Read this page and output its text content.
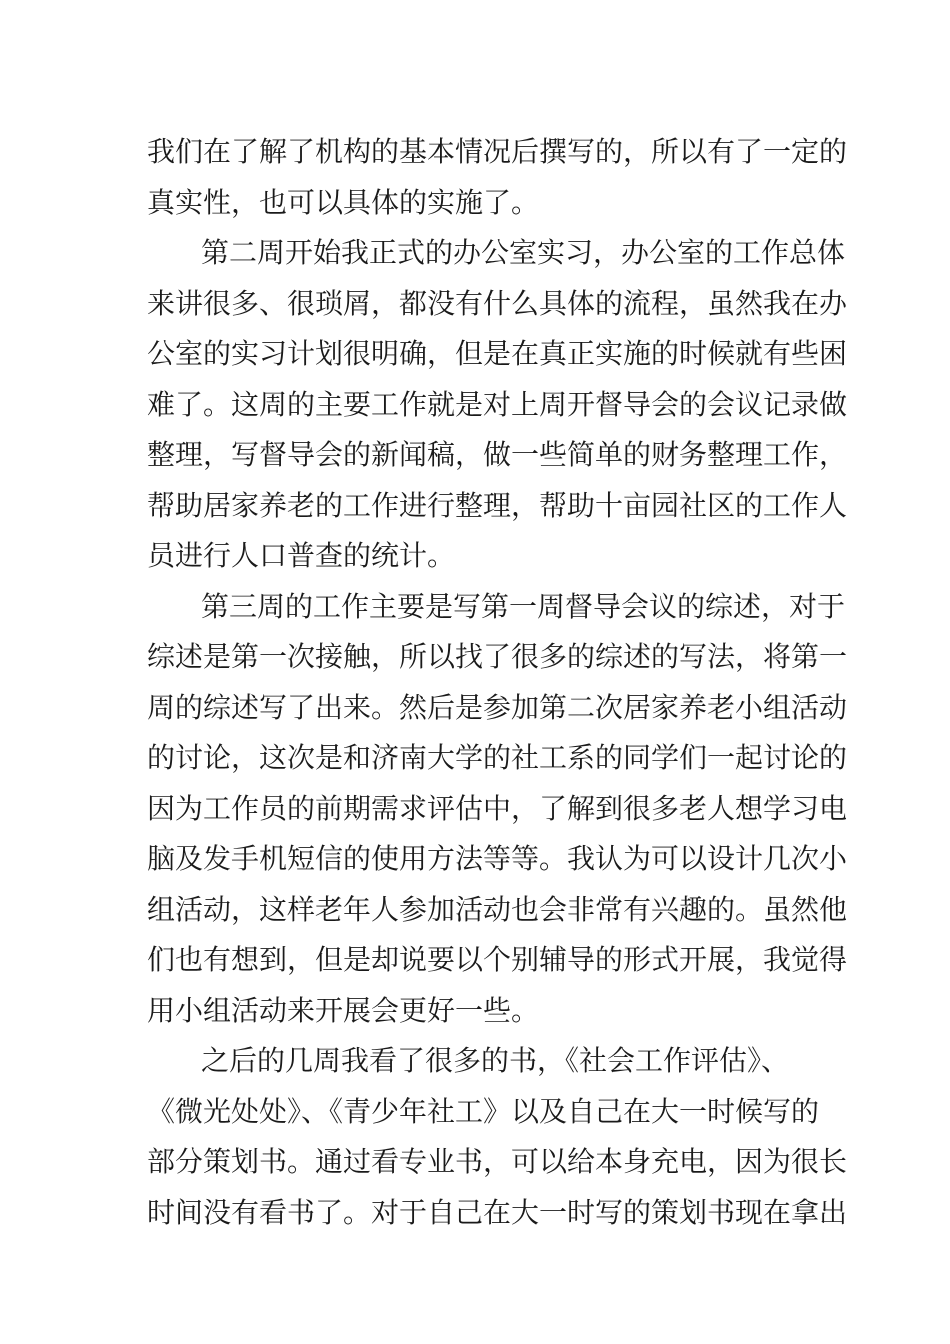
我们在了解了机构的基本情况后撰写的，所以有了一定的
真实性，也可以具体的实施了。
第二周开始我正式的办公室实习，办公室的工作总体
来讲很多、很琐屑，都没有什么具体的流程，虽然我在办
公室的实习计划很明确，但是在真正实施的时候就有些困
难了。这周的主要工作就是对上周开督导会的会议记录做
整理，写督导会的新闻稿，做一些简单的财务整理工作，
帮助居家养老的工作进行整理，帮助十亩园社区的工作人
员进行人口普查的统计。
第三周的工作主要是写第一周督导会议的综述，对于
综述是第一次接触，所以找了很多的综述的写法，将第一
周的综述写了出来。然后是参加第二次居家养老小组活动
的讨论，这次是和济南大学的社工系的同学们一起讨论的
因为工作员的前期需求评估中，了解到很多老人想学习电
脑及发手机短信的使用方法等等。我认为可以设计几次小
组活动，这样老年人参加活动也会非常有兴趣的。虽然他
们也有想到，但是却说要以个别辅导的形式开展，我觉得
用小组活动来开展会更好一些。
之后的几周我看了很多的书，《社会工作评估》、
《微光处处》、《青少年社工》以及自己在大一时候写的
部分策划书。通过看专业书，可以给本身充电，因为很长
时间没有看书了。对于自己在大一时写的策划书现在拿出
